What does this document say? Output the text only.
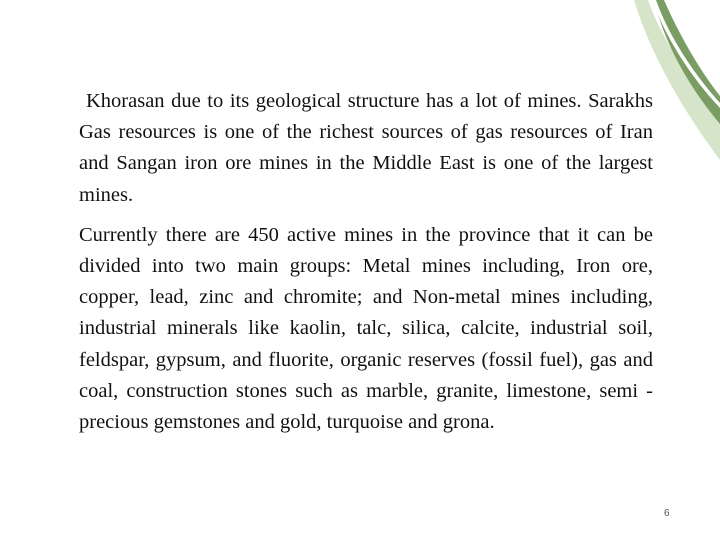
Khorasan due to its geological structure has a lot of mines. Sarakhs Gas resources is one of the richest sources of gas resources of Iran and Sangan iron ore mines in the Middle East is one of the largest mines.

Currently there are 450 active mines in the province that it can be divided into two main groups: Metal mines including, Iron ore, copper, lead, zinc and chromite; and Non-metal mines including, industrial minerals like kaolin, talc, silica, calcite, industrial soil, feldspar, gypsum, and fluorite, organic reserves (fossil fuel), gas and coal, construction stones such as marble, granite, limestone, semi -precious gemstones and gold, turquoise and grona.

6
